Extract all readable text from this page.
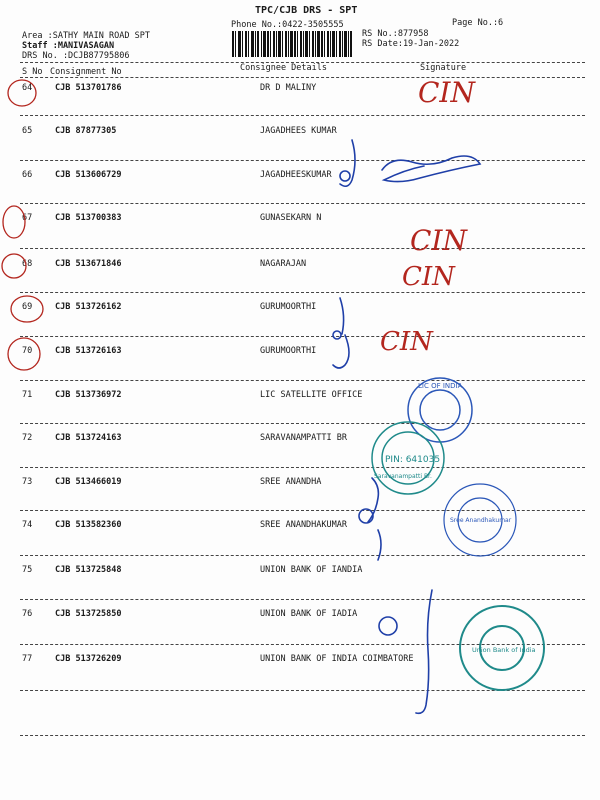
TPC/CJB DRS - SPT
Phone No.:0422-3505555	Page No.:6
Area :SATHY MAIN ROAD SPT
Staff :MANIVASAGAN
DRS No. :DCJB87795806
RS No.:877958
RS Date:19-Jan-2022
S No Consignment No	Consignee Details	Signature
64	CJB 513701786	DR D MALINY
65	CJB 87877305	JAGADHEES KUMAR
66	CJB 513606729	JAGADHEESKUMAR
67	CJB 513700383	GUNASEKARN N
68	CJB 513671846	NAGARAJAN
69	CJB 513726162	GURUMOORTHI
70	CJB 513726163	GURUMOORTHI
71	CJB 513736972	LIC SATELLITE OFFICE
72	CJB 513724163	SARAVANAMPATTI BR
73	CJB 513466019	SREE ANANDHA
74	CJB 513582360	SREE ANANDHAKUMAR
75	CJB 513725848	UNION BANK OF IANDIA
76	CJB 513725850	UNION BANK OF IADIA
77	CJB 513726209	UNION BANK OF INDIA COIMBATORE
CIN
CIN
CIN
CIN
LIC OF INDIA
PIN: 641035
Saravanampatti Br.
Sree Anandhakumar
Union Bank of India
